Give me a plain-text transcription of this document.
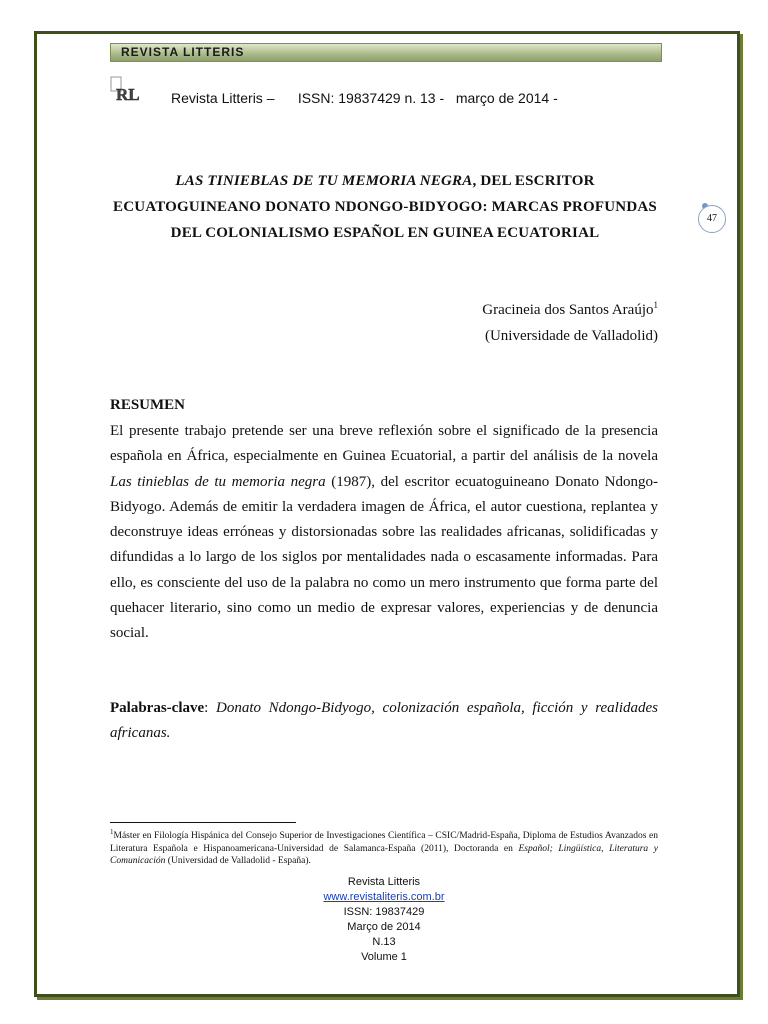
REVISTA LITTERIS
RL Revista Litteris –      ISSN: 19837429 n. 13 -   março de 2014 -
47
LAS TINIEBLAS DE TU MEMORIA NEGRA, DEL ESCRITOR ECUATOGUINEANO DONATO NDONGO-BIDYOGO: MARCAS PROFUNDAS DEL COLONIALISMO ESPAÑOL EN GUINEA ECUATORIAL
Gracineia dos Santos Araújo$^1$
(Universidade de Valladolid)
RESUMEN
El presente trabajo pretende ser una breve reflexión sobre el significado de la presencia española en África, especialmente en Guinea Ecuatorial, a partir del análisis de la novela Las tinieblas de tu memoria negra (1987), del escritor ecuatoguineano Donato Ndongo-Bidyogo. Además de emitir la verdadera imagen de África, el autor cuestiona, replantea y deconstruye ideas erróneas y distorsionadas sobre las realidades africanas, solidificadas y difundidas a lo largo de los siglos por mentalidades nada o escasamente informadas. Para ello, es consciente del uso de la palabra no como un mero instrumento que forma parte del quehacer literario, sino como un medio de expresar valores, experiencias y de denuncia social.
Palabras-clave: Donato Ndongo-Bidyogo, colonización española, ficción y realidades africanas.
$^1$Máster en Filología Hispánica del Consejo Superior de Investigaciones Científica – CSIC/Madrid-España, Diploma de Estudios Avanzados en Literatura Española e Hispanoamericana-Universidad de Salamanca-España (2011), Doctoranda en Español; Lingüística, Literatura y Comunicación (Universidad de Valladolid - España).
Revista Litteris
www.revistaliteris.com.br
ISSN: 19837429
Março de 2014
N.13
Volume 1
